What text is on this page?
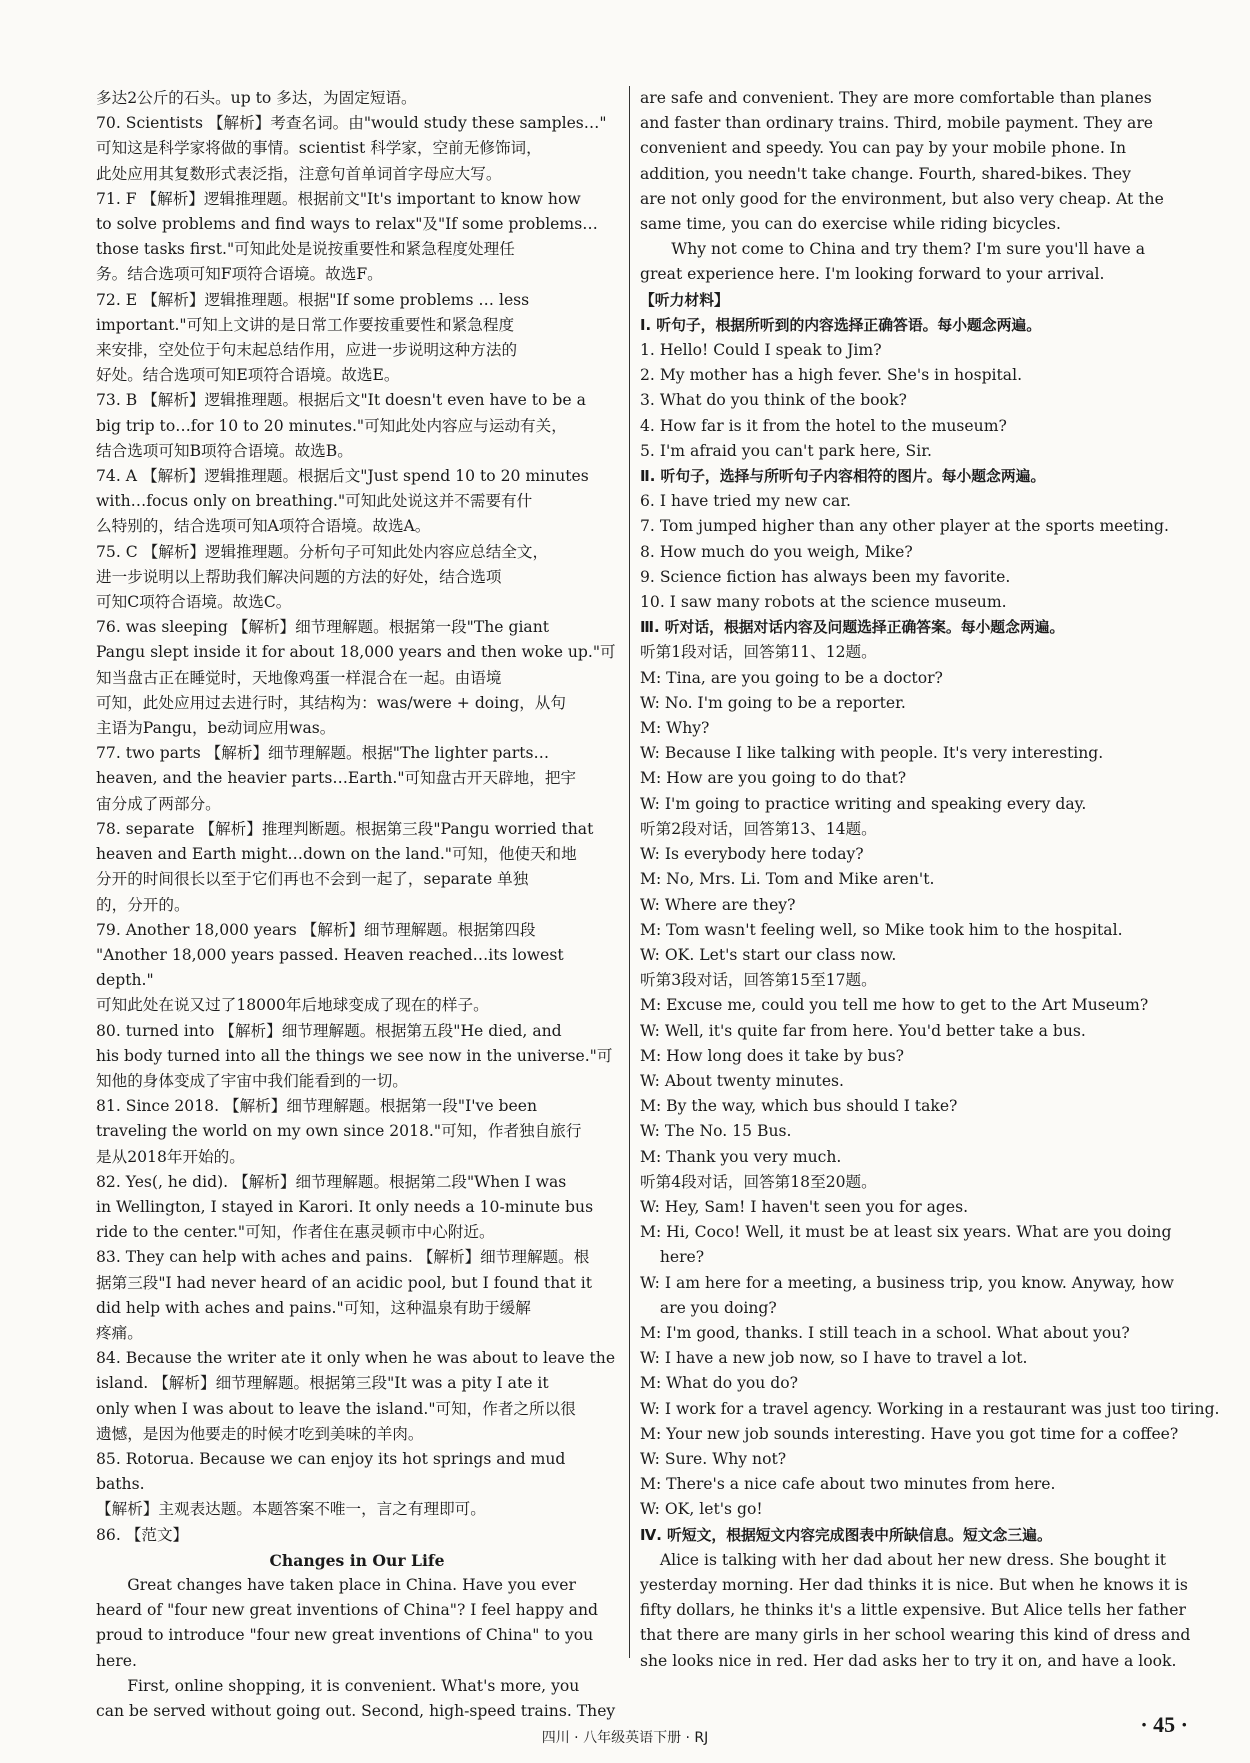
多达2公斤的石头。up to 多达，为固定短语。
70. Scientists 【解析】考查名词。由"would study these samples…"
可知这是科学家将做的事情。scientist 科学家，空前无修饰词，
此处应用其复数形式表泛指，注意句首单词首字母应大写。
71. F 【解析】逻辑推理题。根据前文"It's important to know how
to solve problems and find ways to relax"及"If some problems…
those tasks first."可知此处是说按重要性和紧急程度处理任
务。结合选项可知F项符合语境。故选F。
72. E 【解析】逻辑推理题。根据"If some problems … less
important."可知上文讲的是日常工作要按重要性和紧急程度
来安排，空处位于句末起总结作用，应进一步说明这种方法的
好处。结合选项可知E项符合语境。故选E。
73. B 【解析】逻辑推理题。根据后文"It doesn't even have to be a
big trip to…for 10 to 20 minutes."可知此处内容应与运动有关，
结合选项可知B项符合语境。故选B。
74. A 【解析】逻辑推理题。根据后文"Just spend 10 to 20 minutes
with…focus only on breathing."可知此处说这并不需要有什
么特别的，结合选项可知A项符合语境。故选A。
75. C 【解析】逻辑推理题。分析句子可知此处内容应总结全文，
进一步说明以上帮助我们解决问题的方法的好处，结合选项
可知C项符合语境。故选C。
76. was sleeping 【解析】细节理解题。根据第一段"The giant
Pangu slept inside it for about 18,000 years and then woke up."可
知当盘古正在睡觉时，天地像鸡蛋一样混合在一起。由语境
可知，此处应用过去进行时，其结构为：was/were + doing，从句
主语为Pangu，be动词应用was。
77. two parts 【解析】细节理解题。根据"The lighter parts…
heaven, and the heavier parts…Earth."可知盘古开天辟地，把宇
宙分成了两部分。
78. separate 【解析】推理判断题。根据第三段"Pangu worried that
heaven and Earth might…down on the land."可知，他使天和地
分开的时间很长以至于它们再也不会到一起了，separate 单独
的，分开的。
79. Another 18,000 years 【解析】细节理解题。根据第四段
"Another 18,000 years passed. Heaven reached…its lowest depth."
可知此处在说又过了18000年后地球变成了现在的样子。
80. turned into 【解析】细节理解题。根据第五段"He died, and
his body turned into all the things we see now in the universe."可
知他的身体变成了宇宙中我们能看到的一切。
81. Since 2018. 【解析】细节理解题。根据第一段"I've been
traveling the world on my own since 2018."可知，作者独自旅行
是从2018年开始的。
82. Yes(, he did). 【解析】细节理解题。根据第二段"When I was
in Wellington, I stayed in Karori. It only needs a 10-minute bus
ride to the center."可知，作者住在惠灵顿市中心附近。
83. They can help with aches and pains. 【解析】细节理解题。根
据第三段"I had never heard of an acidic pool, but I found that it
did help with aches and pains."可知，这种温泉有助于缓解
疼痛。
84. Because the writer ate it only when he was about to leave the
island. 【解析】细节理解题。根据第三段"It was a pity I ate it
only when I was about to leave the island."可知，作者之所以很
遗憾，是因为他要走的时候才吃到美味的羊肉。
85. Rotorua. Because we can enjoy its hot springs and mud baths.
【解析】主观表达题。本题答案不唯一，言之有理即可。
86. 【范文】
Changes in Our Life
Great changes have taken place in China. Have you ever
heard of "four new great inventions of China"? I feel happy and
proud to introduce "four new great inventions of China" to you
here.
First, online shopping, it is convenient. What's more, you
can be served without going out. Second, high-speed trains. They
are safe and convenient. They are more comfortable than planes
and faster than ordinary trains. Third, mobile payment. They are
convenient and speedy. You can pay by your mobile phone. In
addition, you needn't take change. Fourth, shared-bikes. They
are not only good for the environment, but also very cheap. At the
same time, you can do exercise while riding bicycles.
Why not come to China and try them? I'm sure you'll have a
great experience here. I'm looking forward to your arrival.
【听力材料】
Ⅰ. 听句子，根据所听到的内容选择正确答语。每小题念两遍。
1. Hello! Could I speak to Jim?
2. My mother has a high fever. She's in hospital.
3. What do you think of the book?
4. How far is it from the hotel to the museum?
5. I'm afraid you can't park here, Sir.
Ⅱ. 听句子，选择与所听句子内容相符的图片。每小题念两遍。
6. I have tried my new car.
7. Tom jumped higher than any other player at the sports meeting.
8. How much do you weigh, Mike?
9. Science fiction has always been my favorite.
10. I saw many robots at the science museum.
Ⅲ. 听对话，根据对话内容及问题选择正确答案。每小题念两遍。
听第1段对话，回答第11、12题。
M: Tina, are you going to be a doctor?
W: No. I'm going to be a reporter.
M: Why?
W: Because I like talking with people. It's very interesting.
M: How are you going to do that?
W: I'm going to practice writing and speaking every day.
听第2段对话，回答第13、14题。
W: Is everybody here today?
M: No, Mrs. Li. Tom and Mike aren't.
W: Where are they?
M: Tom wasn't feeling well, so Mike took him to the hospital.
W: OK. Let's start our class now.
听第3段对话，回答第15至17题。
M: Excuse me, could you tell me how to get to the Art Museum?
W: Well, it's quite far from here. You'd better take a bus.
M: How long does it take by bus?
W: About twenty minutes.
M: By the way, which bus should I take?
W: The No. 15 Bus.
M: Thank you very much.
听第4段对话，回答第18至20题。
W: Hey, Sam! I haven't seen you for ages.
M: Hi, Coco! Well, it must be at least six years. What are you doing
here?
W: I am here for a meeting, a business trip, you know. Anyway, how
are you doing?
M: I'm good, thanks. I still teach in a school. What about you?
W: I have a new job now, so I have to travel a lot.
M: What do you do?
W: I work for a travel agency. Working in a restaurant was just too tiring.
M: Your new job sounds interesting. Have you got time for a coffee?
W: Sure. Why not?
M: There's a nice cafe about two minutes from here.
W: OK, let's go!
Ⅳ. 听短文，根据短文内容完成图表中所缺信息。短文念三遍。
Alice is talking with her dad about her new dress. She bought it
yesterday morning. Her dad thinks it is nice. But when he knows it is
fifty dollars, he thinks it's a little expensive. But Alice tells her father
that there are many girls in her school wearing this kind of dress and
she looks nice in red. Her dad asks her to try it on, and have a look.
四川 · 八年级英语下册 · RJ
· 45 ·
